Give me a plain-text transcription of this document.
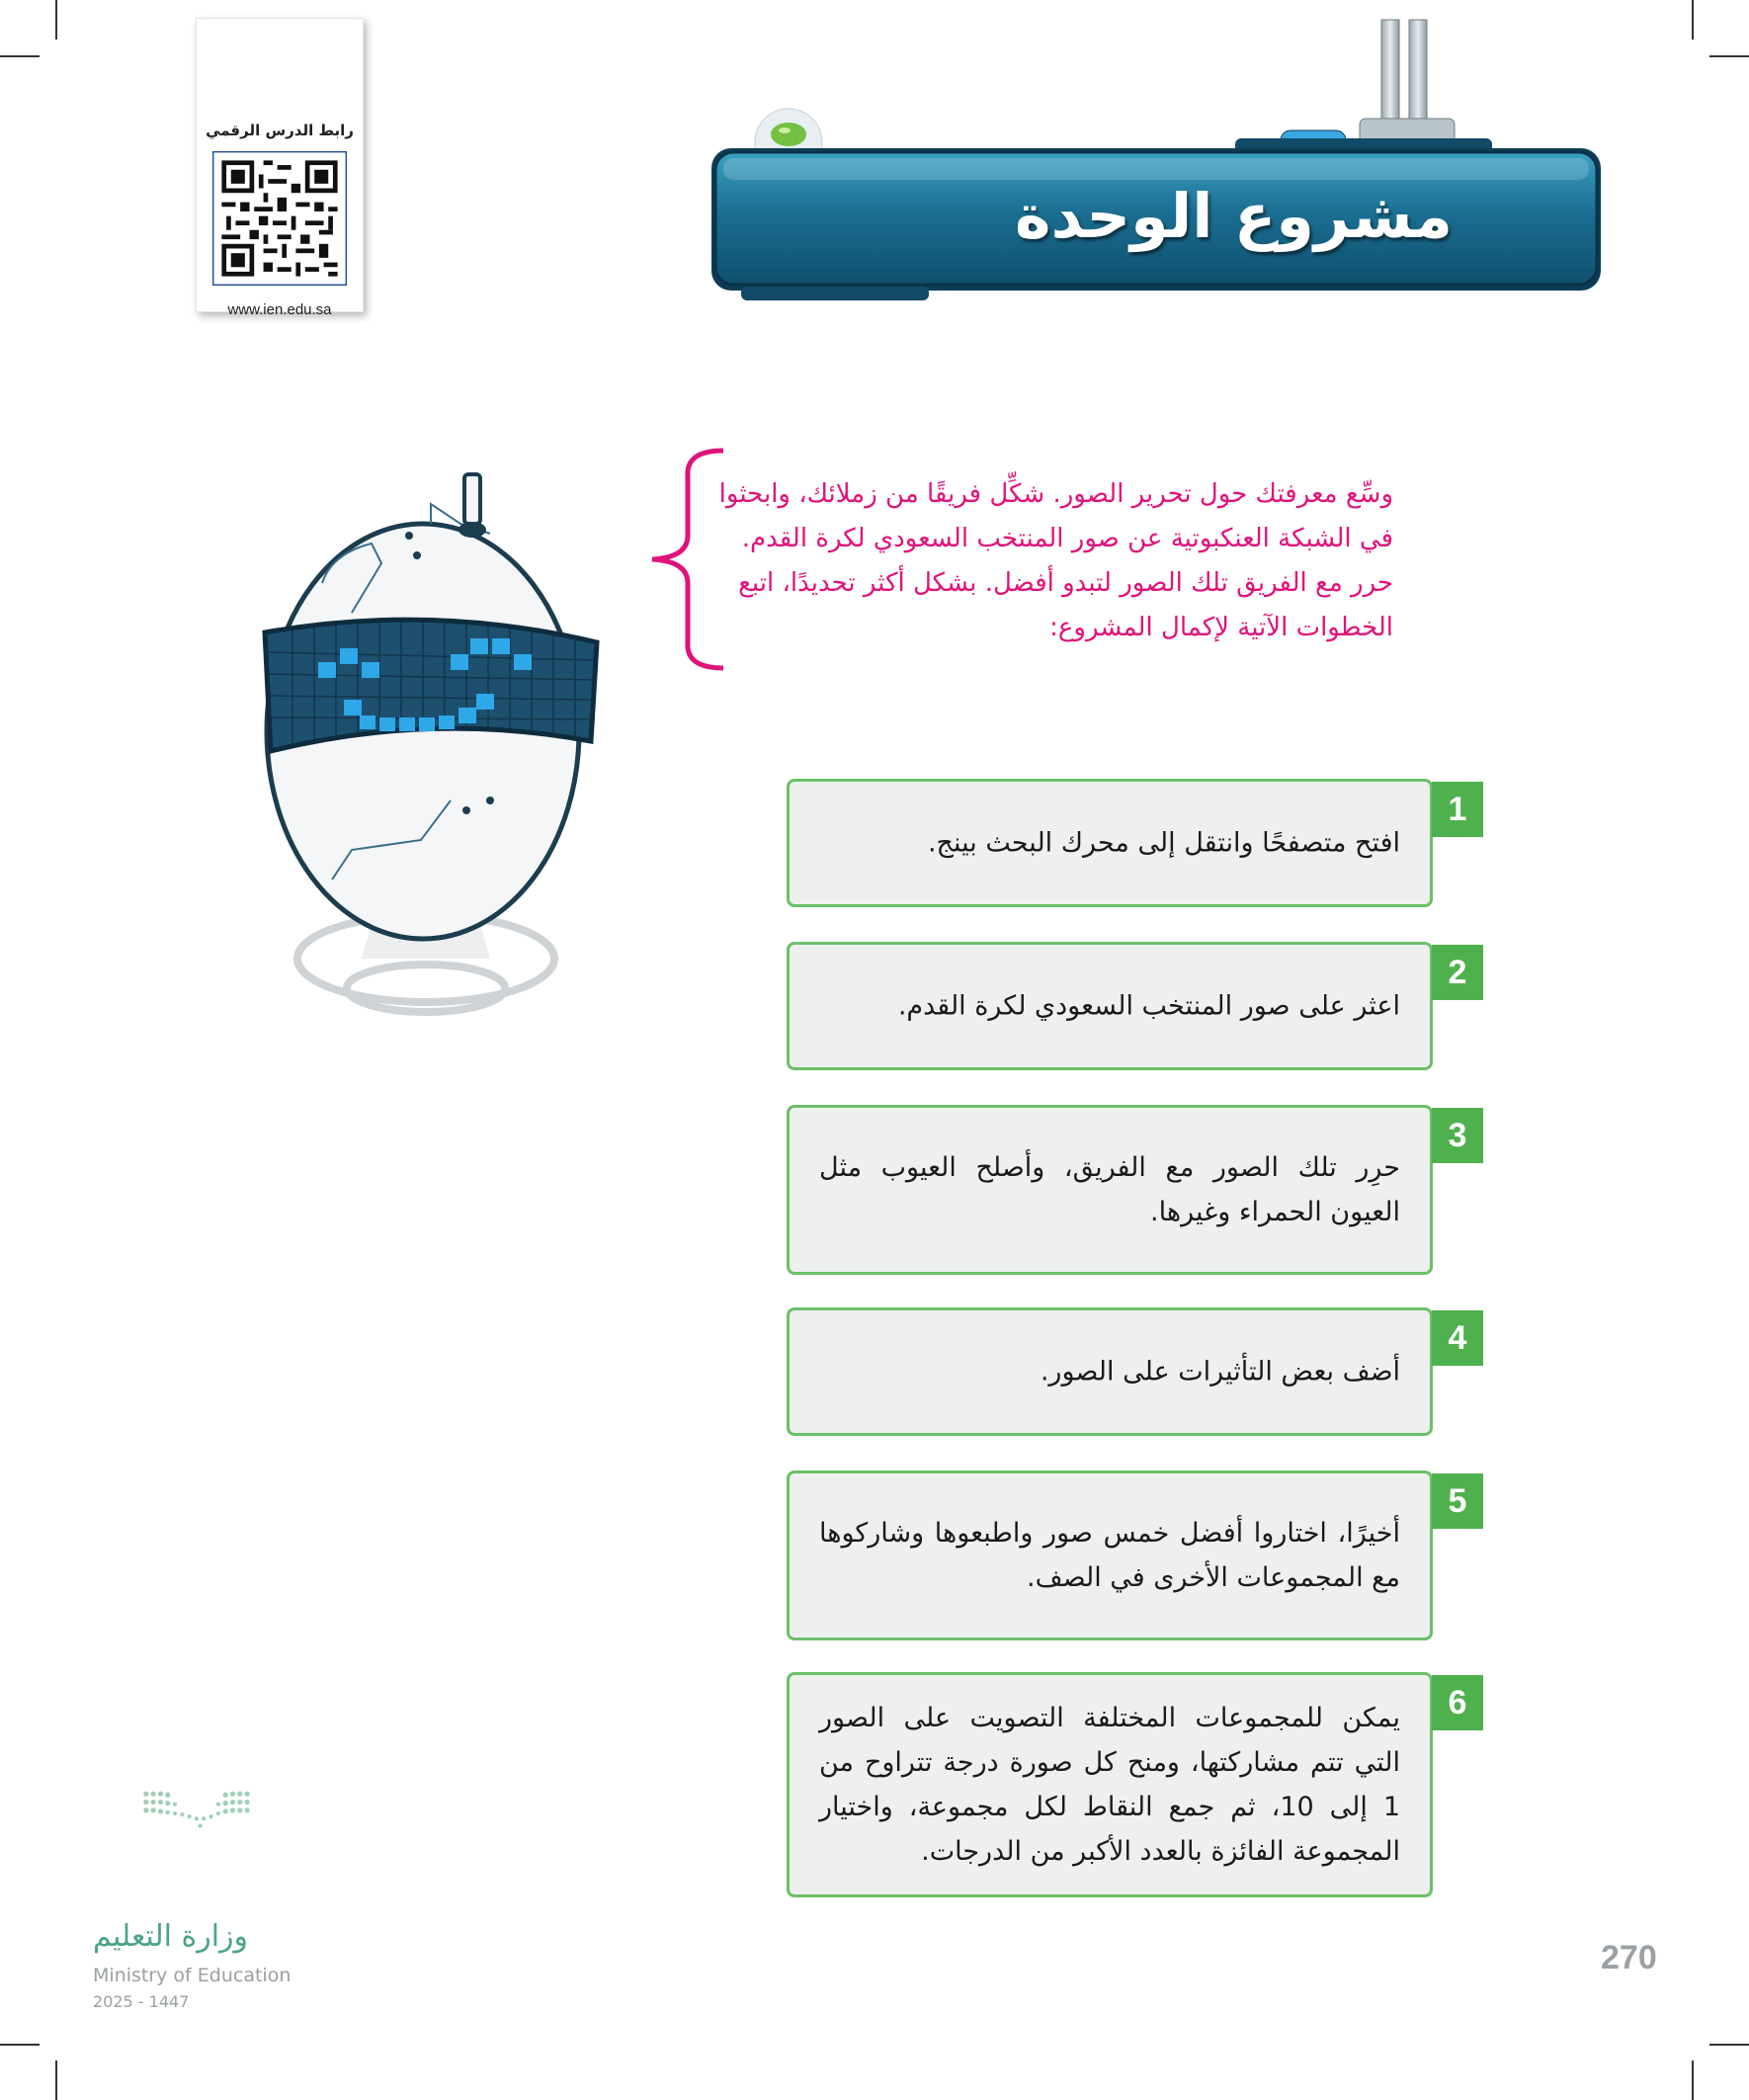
رابط الدرس الرقمي
www.ien.edu.sa
مشروع الوحدة
وسِّع معرفتك حول تحرير الصور. شكِّل فريقًا من زملائك، وابحثوا في الشبكة العنكبوتية عن صور المنتخب السعودي لكرة القدم. حرر مع الفريق تلك الصور لتبدو أفضل. بشكل أكثر تحديدًا، اتبع الخطوات الآتية لإكمال المشروع:
1
افتح متصفحًا وانتقل إلى محرك البحث بينج.
2
اعثر على صور المنتخب السعودي لكرة القدم.
3
حرِر تلك الصور مع الفريق، وأصلح العيوب مثل العيون الحمراء وغيرها.
4
أضف بعض التأثيرات على الصور.
5
أخيرًا، اختاروا أفضل خمس صور واطبعوها وشاركوها مع المجموعات الأخرى في الصف.
6
يمكن للمجموعات المختلفة التصويت على الصور التي تتم مشاركتها، ومنح كل صورة درجة تتراوح من 1 إلى 10، ثم جمع النقاط لكل مجموعة، واختيار المجموعة الفائزة بالعدد الأكبر من الدرجات.
وزارة التعليم
Ministry of Education
2025 - 1447
270
